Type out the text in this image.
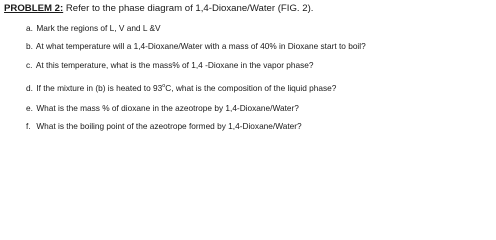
PROBLEM 2: Refer to the phase diagram of 1,4-Dioxane/Water (FIG. 2).
a. Mark the regions of L, V and L &V
b. At what temperature will a 1,4-Dioxane/Water with a mass of 40% in Dioxane start to boil?
c. At this temperature, what is the mass% of 1,4 -Dioxane in the vapor phase?
d. If the mixture in (b) is heated to 93$^o$C, what is the composition of the liquid phase?
e. What is the mass % of dioxane in the azeotrope by 1,4-Dioxane/Water?
f. What is the boiling point of the azeotrope formed by 1,4-Dioxane/Water?
